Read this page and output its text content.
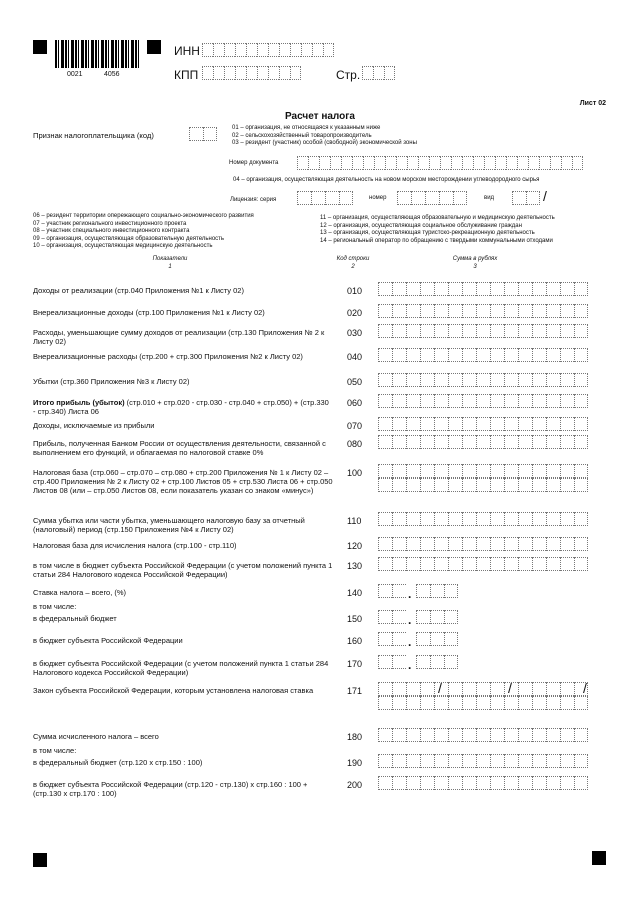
0021	4056
ИНН
КПП	Стр.
Лист 02
Расчет налога
Признак налогоплательщика (код)
01 – организация, не относящаяся к указанным ниже
02 – сельскохозяйственный товаропроизводитель
03 – резидент (участник) особой (свободной) экономической зоны
Номер документа
04 – организация, осуществляющая деятельность на новом морском месторождении углеводородного сырья
Лицензия: серия	номер	вид	/
06 – резидент территории опережающего социально-экономического развития
07 – участник регионального инвестиционного проекта
08 – участник специального инвестиционного контракта
09 – организация, осуществляющая образовательную деятельность
10 – организация, осуществляющая медицинскую деятельность
11 – организация, осуществляющая образовательную и медицинскую деятельность
12 – организация, осуществляющая социальное обслуживание граждан
13 – организация, осуществляющая туристско-рекреационную деятельность
14 – региональный оператор по обращению с твердыми коммунальными отходами
Показатели
1
Код строки
2
Сумма в рублях
3
Доходы от реализации (стр.040 Приложения №1 к Листу 02)	010
Внереализационные доходы (стр.100 Приложения №1 к Листу 02)	020
Расходы, уменьшающие сумму доходов от реализации (стр.130 Приложения № 2 к Листу 02)
030
Внереализационные расходы (стр.200 + стр.300 Приложения №2 к Листу 02)	040
Убытки (стр.360 Приложения №3 к Листу 02)	050
Итого прибыль (убыток) (стр.010 + стр.020 - стр.030 - стр.040 + стр.050) + (стр.330 - стр.340) Листа 06
060
Доходы, исключаемые из прибыли	070
Прибыль, полученная Банком России от осуществления деятельности, связанной с выполнением его функций, и облагаемая по налоговой ставке 0%
080
Налоговая база (стр.060 – стр.070 – стр.080 + стр.200 Приложения № 1 к Листу 02 – стр.400 Приложения № 2 к Листу 02 + стр.100 Листов 05 + стр.530 Листа 06 + стр.050 Листов 08 (или – стр.050 Листов 08, если показатель указан со знаком «минус»)
100
Сумма убытка или части убытка, уменьшающего налоговую базу за отчетный (налоговый) период (стр.150 Приложения №4 к Листу 02)
110
Налоговая база для исчисления налога (стр.100 - стр.110)	120
в том числе в бюджет субъекта Российской Федерации (с учетом положений пункта 1 статьи 284 Налогового кодекса Российской Федерации)
130
Ставка налога – всего, (%)	140	.
в том числе:
в федеральный бюджет	150	.
в бюджет субъекта Российской Федерации	160	.
в бюджет субъекта Российской Федерации (с учетом положений пункта 1 статьи 284 Налогового кодекса Российской Федерации)
170	.
Закон субъекта Российской Федерации, которым установлена налоговая ставка	171	/	/	/
Сумма исчисленного налога – всего	180
в том числе:
в федеральный бюджет (стр.120 х стр.150 : 100)	190
в бюджет субъекта Российской Федерации (стр.120 - стр.130) х стр.160 : 100 + (стр.130 х стр.170 : 100)
200
